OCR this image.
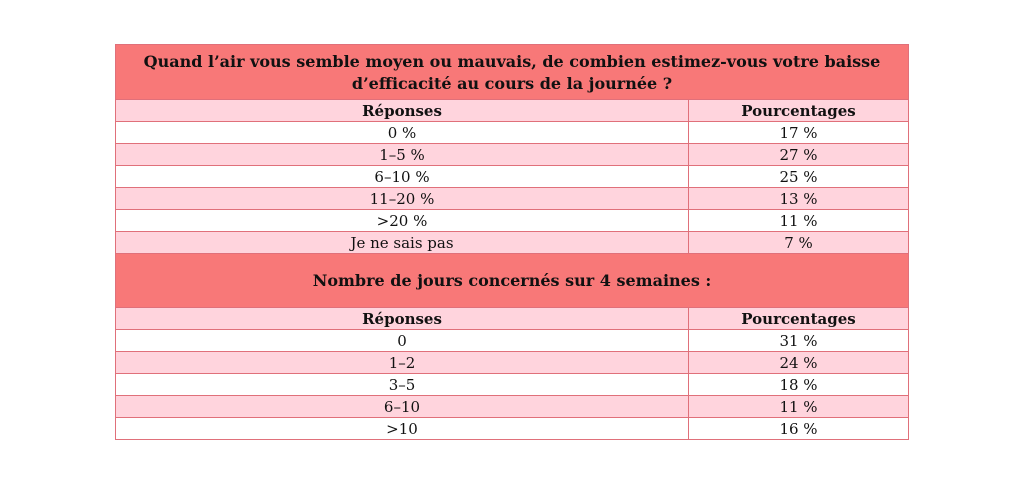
Quand l’air vous semble moyen ou mauvais, de combien estimez-vous votre baisse d’efficacité au cours de la journée ?	
Réponses	Pourcentages
0 %	17 %
1–5 %	27 %
6–10 %	25 %
11–20 %	13 %
>20 %	11 %
Je ne sais pas	7 %
Nombre de jours concernés sur 4 semaines :	
Réponses	Pourcentages
0	31 %
1–2	24 %
3–5	18 %
6–10	11 %
>10	16 %
